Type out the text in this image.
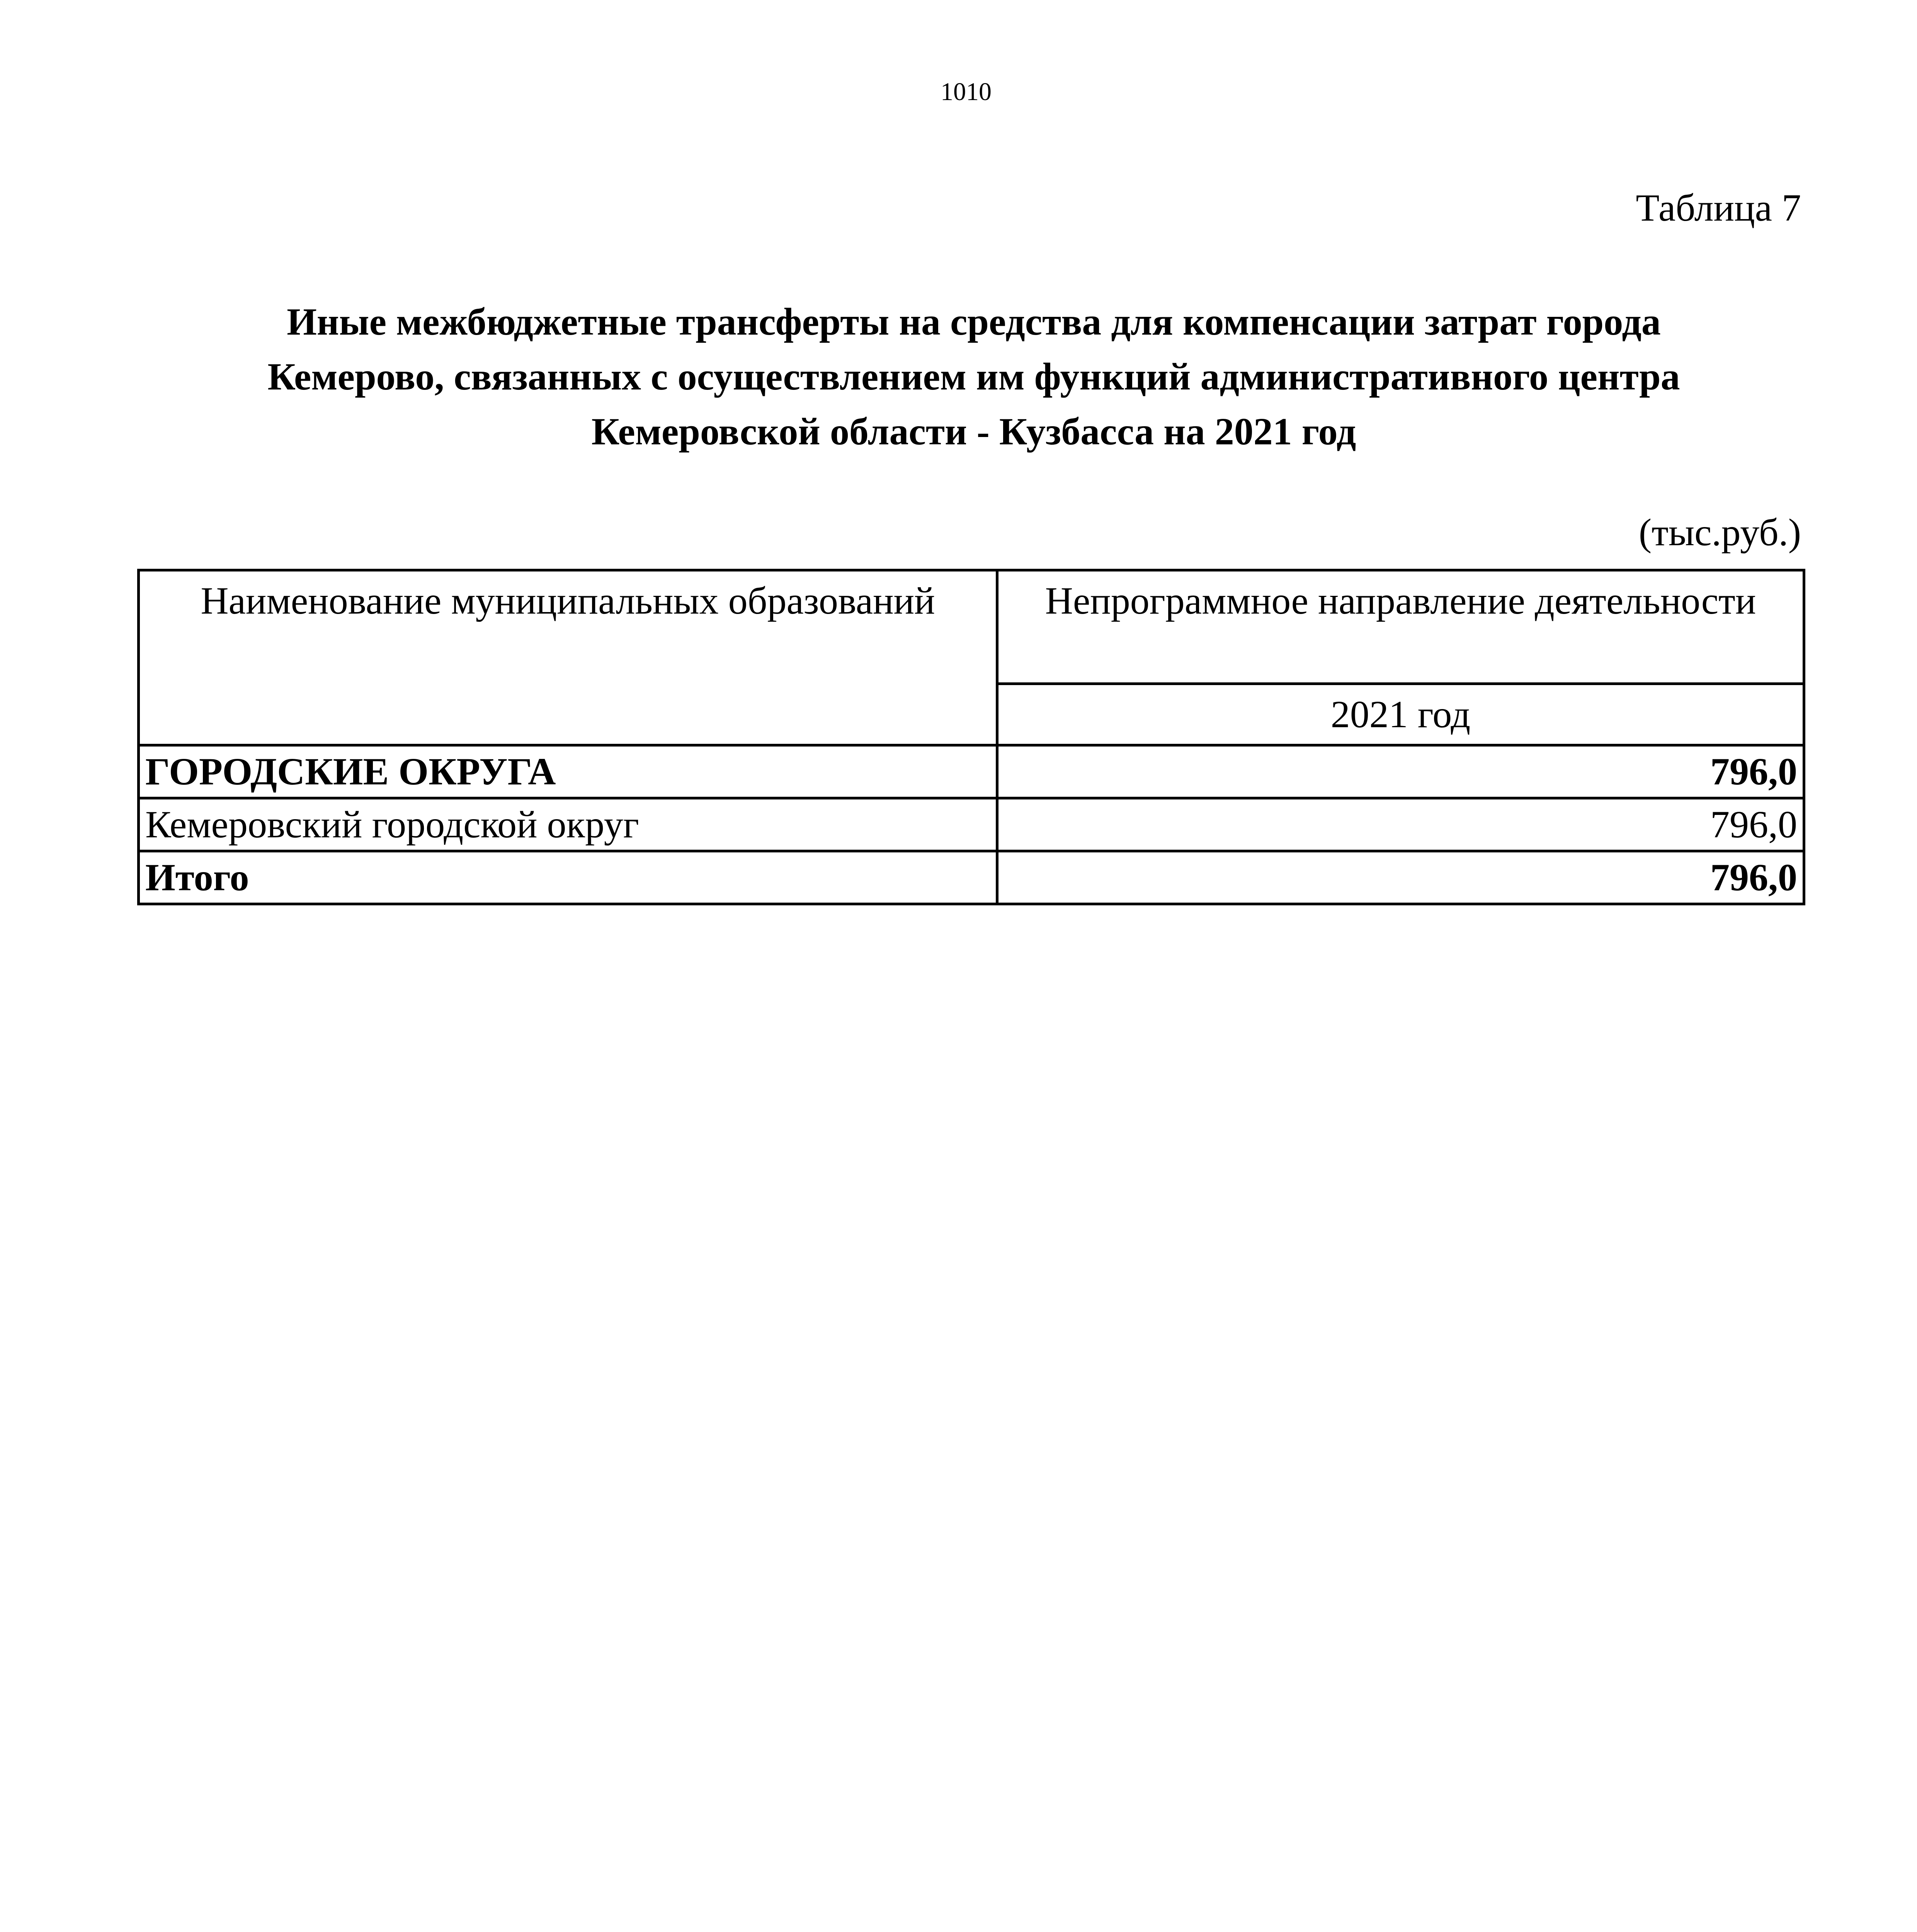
1010
Таблица 7
Иные межбюджетные трансферты на средства для компенсации затрат города
Кемерово, связанных с осуществлением им функций административного центра
Кемеровской области - Кузбасса на 2021 год
(тыс.руб.)
Наименование муниципальных образований	Непрограммное направление деятельности
	2021 год
ГОРОДСКИЕ ОКРУГА	796,0
Кемеровский городской округ	796,0
Итого	796,0
